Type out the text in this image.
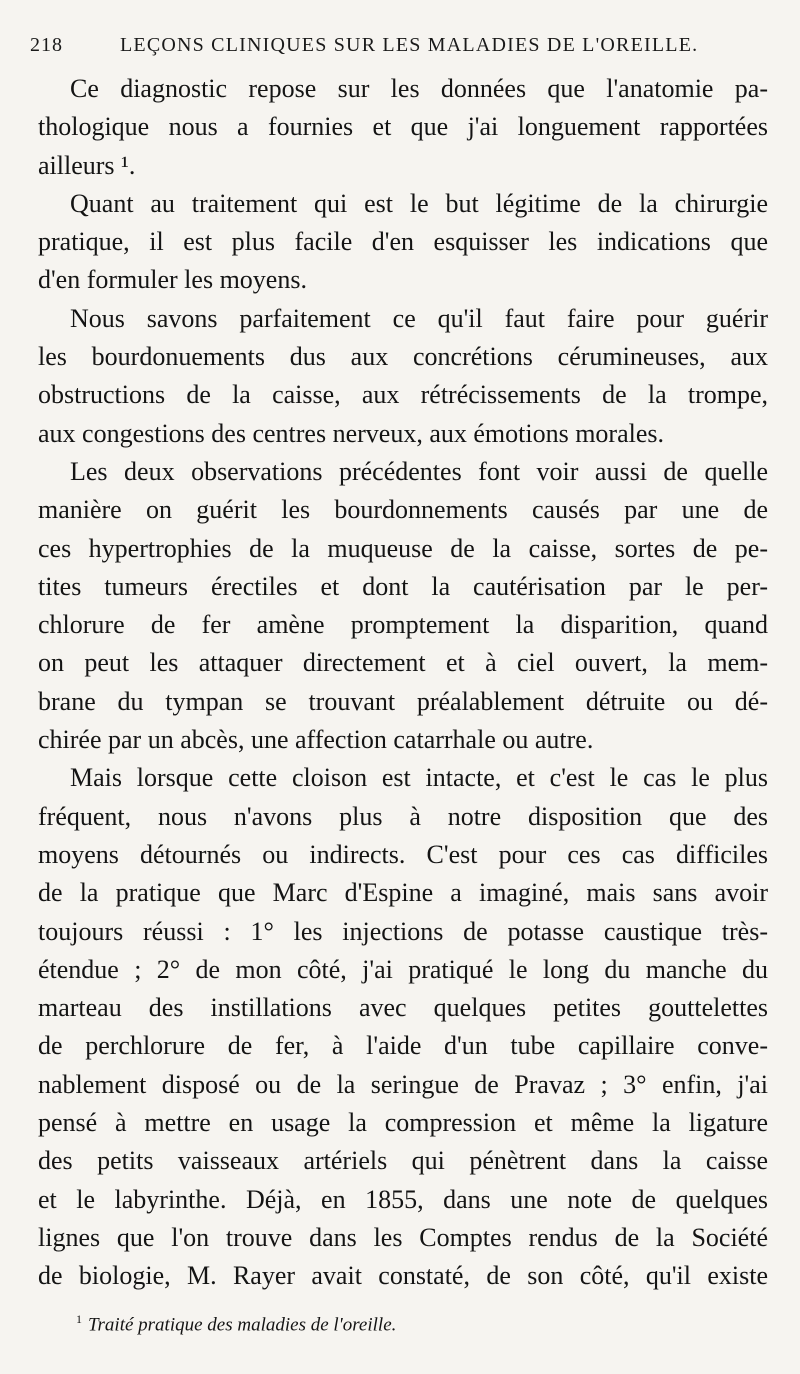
218	LEÇONS CLINIQUES SUR LES MALADIES DE L'OREILLE.
Ce diagnostic repose sur les données que l'anatomie pa-
thologique nous a fournies et que j'ai longuement rapportées
ailleurs ¹.
Quant au traitement qui est le but légitime de la chirurgie
pratique, il est plus facile d'en esquisser les indications que
d'en formuler les moyens.
Nous savons parfaitement ce qu'il faut faire pour guérir
les bourdonuements dus aux concrétions cérumineuses, aux
obstructions de la caisse, aux rétrécissements de la trompe,
aux congestions des centres nerveux, aux émotions morales.
Les deux observations précédentes font voir aussi de quelle
manière on guérit les bourdonnements causés par une de
ces hypertrophies de la muqueuse de la caisse, sortes de pe-
tites tumeurs érectiles et dont la cautérisation par le per-
chlorure de fer amène promptement la disparition, quand
on peut les attaquer directement et à ciel ouvert, la mem-
brane du tympan se trouvant préalablement détruite ou dé-
chirée par un abcès, une affection catarrhale ou autre.
Mais lorsque cette cloison est intacte, et c'est le cas le plus
fréquent, nous n'avons plus à notre disposition que des
moyens détournés ou indirects. C'est pour ces cas difficiles
de la pratique que Marc d'Espine a imaginé, mais sans avoir
toujours réussi : 1° les injections de potasse caustique très-
étendue ; 2° de mon côté, j'ai pratiqué le long du manche du
marteau des instillations avec quelques petites gouttelettes
de perchlorure de fer, à l'aide d'un tube capillaire conve-
nablement disposé ou de la seringue de Pravaz ; 3° enfin, j'ai
pensé à mettre en usage la compression et même la ligature
des petits vaisseaux artériels qui pénètrent dans la caisse
et le labyrinthe. Déjà, en 1855, dans une note de quelques
lignes que l'on trouve dans les Comptes rendus de la Société
de biologie, M. Rayer avait constaté, de son côté, qu'il existe
$^1$ Traité pratique des maladies de l'oreille.
